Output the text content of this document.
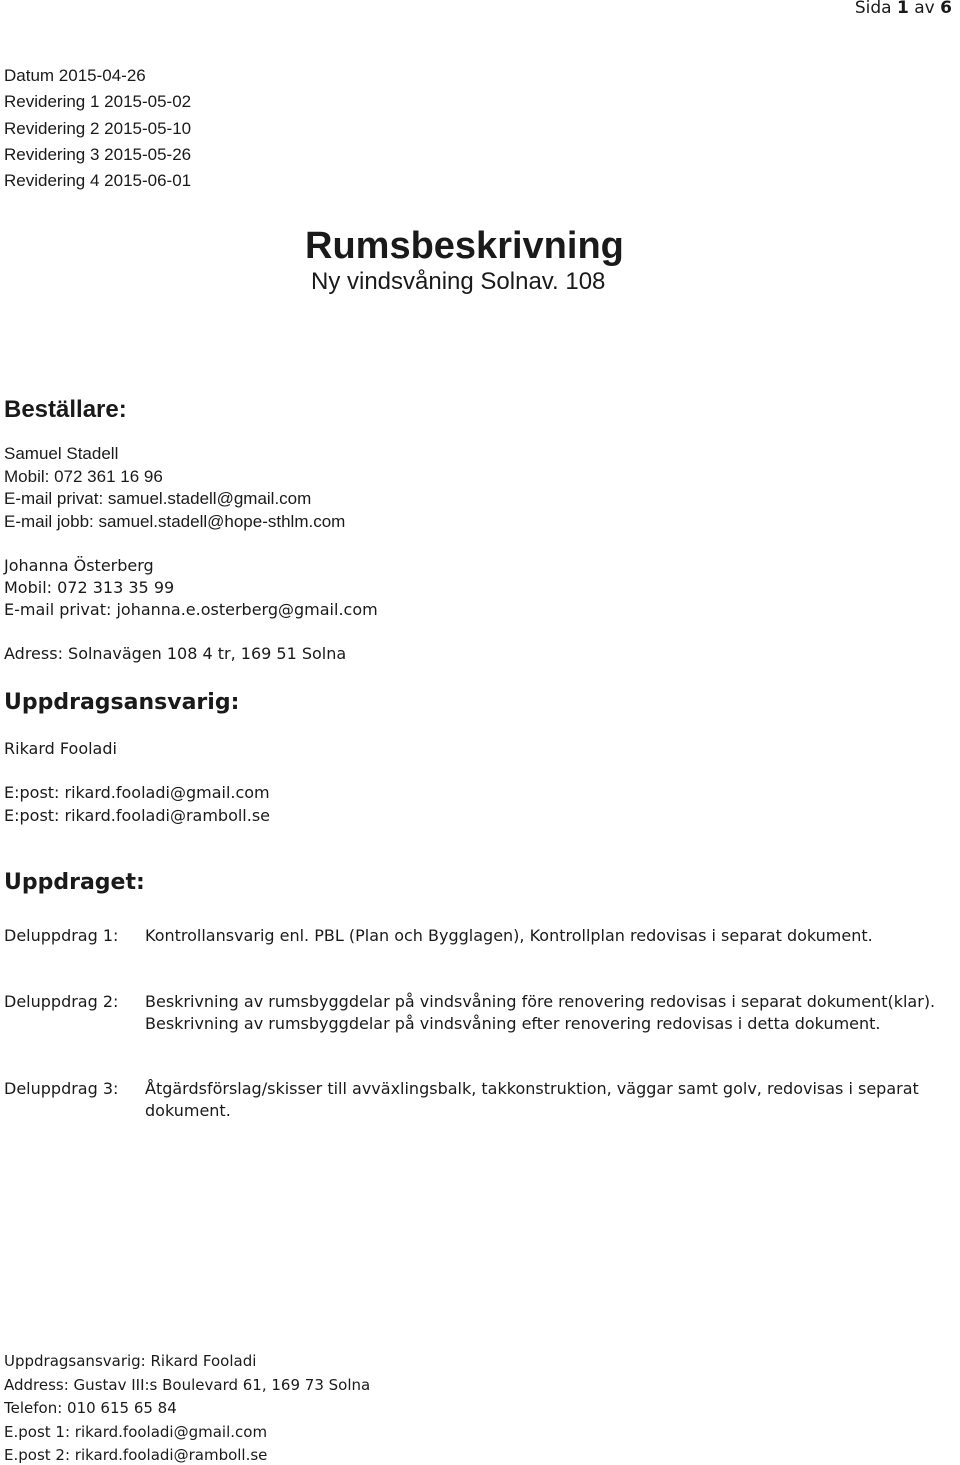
Sida 1 av 6
Datum 2015-04-26
Revidering 1 2015-05-02
Revidering 2 2015-05-10
Revidering 3 2015-05-26
Revidering 4 2015-06-01
Rumsbeskrivning
Ny vindsvåning Solnav. 108
Beställare:
Samuel Stadell
Mobil: 072 361 16 96
E-mail privat: samuel.stadell@gmail.com
E-mail jobb: samuel.stadell@hope-sthlm.com
Johanna Österberg
Mobil: 072 313 35 99
E-mail privat: johanna.e.osterberg@gmail.com
Adress: Solnavägen 108 4 tr, 169 51 Solna
Uppdragsansvarig:
Rikard Fooladi
E:post: rikard.fooladi@gmail.com
E:post: rikard.fooladi@ramboll.se
Uppdraget:
Deluppdrag 1: Kontrollansvarig enl. PBL (Plan och Bygglagen), Kontrollplan redovisas i separat dokument.
Deluppdrag 2: Beskrivning av rumsbyggdelar på vindsvåning före renovering redovisas i separat dokument(klar). Beskrivning av rumsbyggdelar på vindsvåning efter renovering redovisas i detta dokument.
Deluppdrag 3: Åtgärdsförslag/skisser till avväxlingsbalk, takkonstruktion, väggar samt golv, redovisas i separat dokument.
Uppdragsansvarig: Rikard Fooladi
Address: Gustav III:s Boulevard 61, 169 73 Solna
Telefon: 010 615 65 84
E.post 1: rikard.fooladi@gmail.com
E.post 2: rikard.fooladi@ramboll.se
